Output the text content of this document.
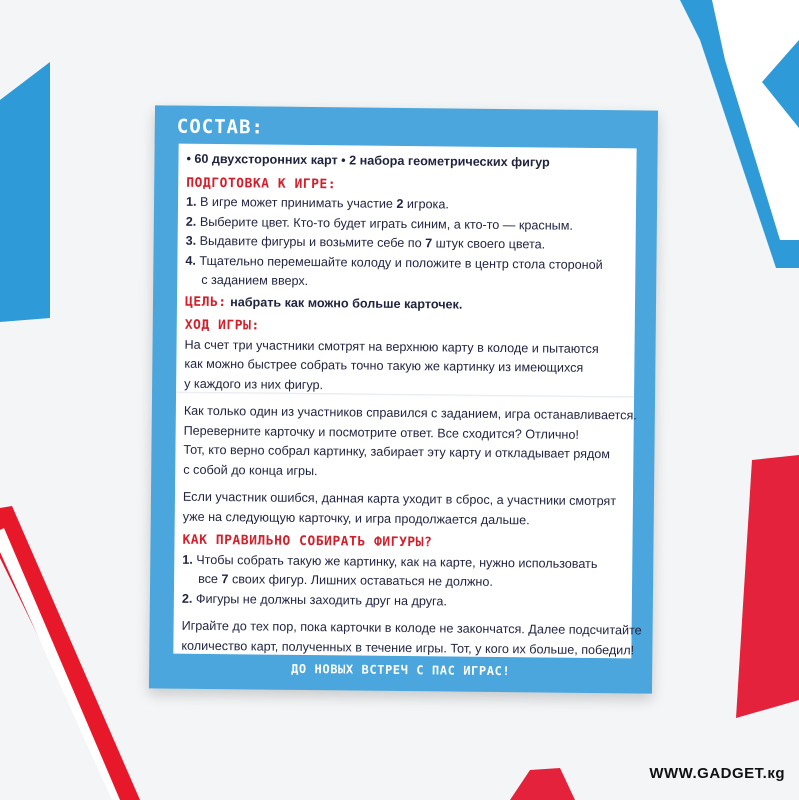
СОСТАВ:
• 60 двухсторонних карт • 2 набора геометрических фигур
ПОДГОТОВКА К ИГРЕ:
1. В игре может принимать участие 2 игрока.
2. Выберите цвет. Кто-то будет играть синим, а кто-то — красным.
3. Выдавите фигуры и возьмите себе по 7 штук своего цвета.
4. Тщательно перемешайте колоду и положите в центр стола стороной
с заданием вверх.
ЦЕЛЬ: набрать как можно больше карточек.
ХОД ИГРЫ:
На счет три участники смотрят на верхнюю карту в колоде и пытаются
как можно быстрее собрать точно такую же картинку из имеющихся
у каждого из них фигур.
Как только один из участников справился с заданием, игра останавливается.
Переверните карточку и посмотрите ответ. Все сходится? Отлично!
Тот, кто верно собрал картинку, забирает эту карту и откладывает рядом
с собой до конца игры.
Если участник ошибся, данная карта уходит в сброс, а участники смотрят
уже на следующую карточку, и игра продолжается дальше.
КАК ПРАВИЛЬНО СОБИРАТЬ ФИГУРЫ?
1. Чтобы собрать такую же картинку, как на карте, нужно использовать
все 7 своих фигур. Лишних оставаться не должно.
2. Фигуры не должны заходить друг на друга.
Играйте до тех пор, пока карточки в колоде не закончатся. Далее подсчитайте
количество карт, полученных в течение игры. Тот, у кого их больше, победил!
ДО НОВЫХ ВСТРЕЧ С ПАС ИГРАС!
WWW.GADGET.кg
